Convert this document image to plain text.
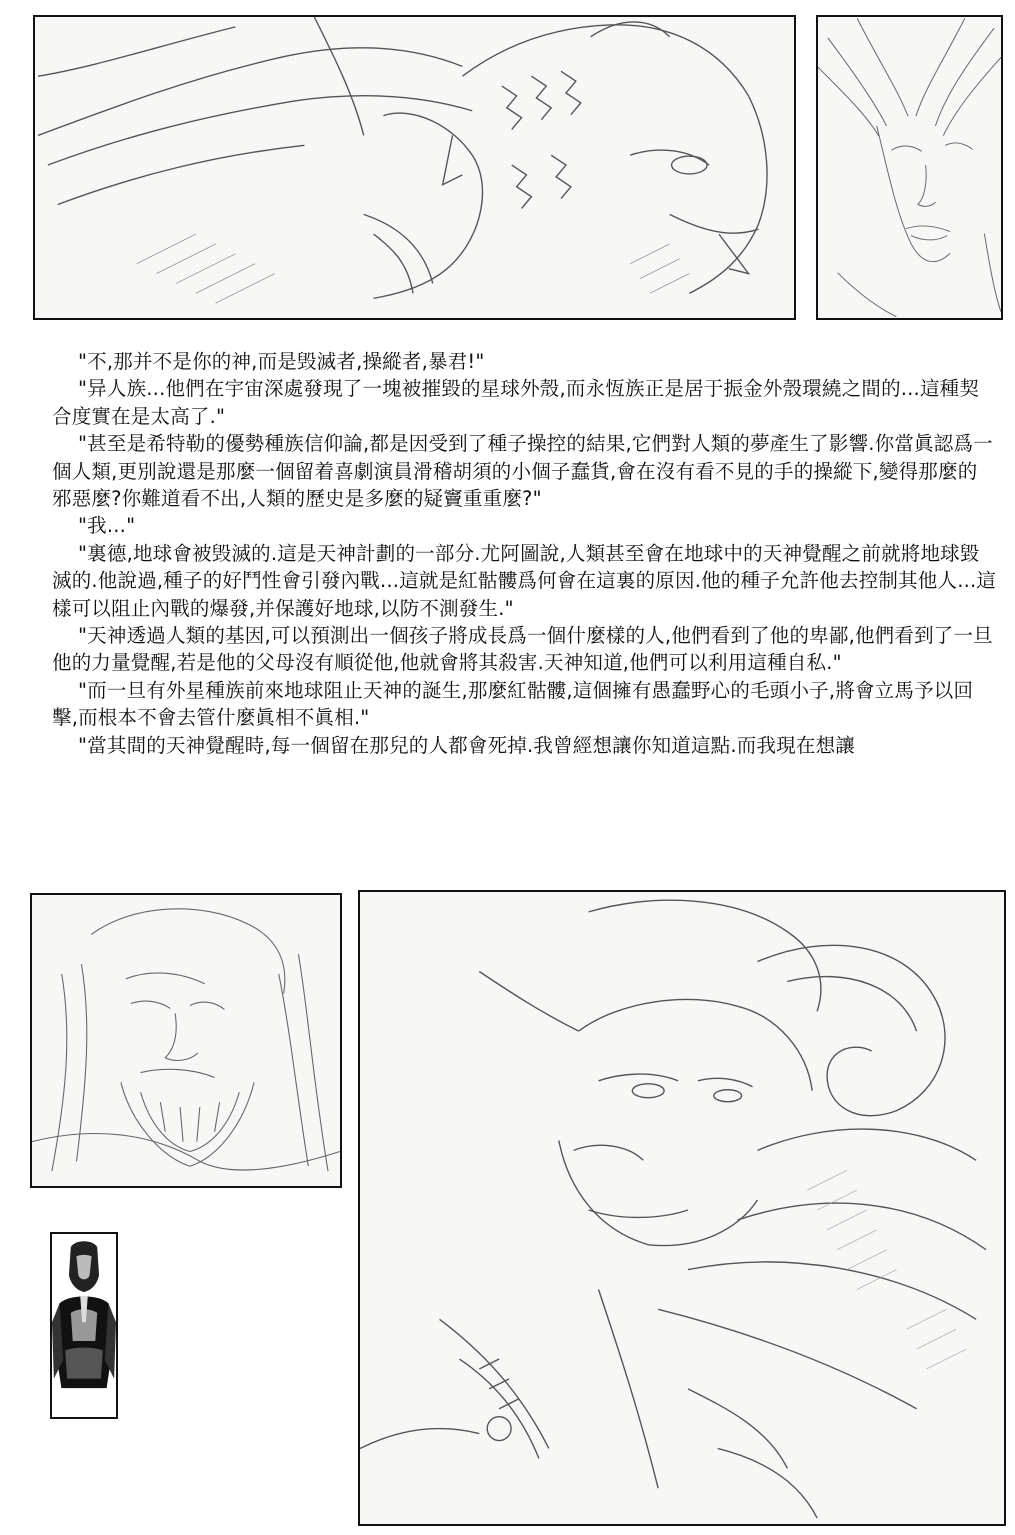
"不,那并不是你的神,而是毁滅者,操縱者,暴君!"

"异人族...他們在宇宙深處發現了一塊被摧毀的星球外殼,而永恆族正是居于振金外殼環繞之間的...這種契合度實在是太高了."

"甚至是希特勒的優勢種族信仰論,都是因受到了種子操控的結果,它們對人類的夢產生了影響.你當眞認爲一個人類,更別說還是那麼一個留着喜劇演員滑稽胡須的小個子蠢貨,會在沒有看不見的手的操縱下,變得那麼的邪惡麼?你難道看不出,人類的歷史是多麼的疑竇重重麼?"

"我..."

"裏德,地球會被毁滅的.這是天神計劃的一部分.尤阿圖說,人類甚至會在地球中的天神覺醒之前就將地球毀滅的.他說過,種子的好鬥性會引發內戰...這就是紅骷髏爲何會在這裏的原因.他的種子允許他去控制其他人...這樣可以阻止內戰的爆發,并保護好地球,以防不測發生."

"天神透過人類的基因,可以預測出一個孩子將成長爲一個什麼樣的人,他們看到了他的卑鄙,他們看到了一旦他的力量覺醒,若是他的父母沒有順從他,他就會將其殺害.天神知道,他們可以利用這種自私."

"而一旦有外星種族前來地球阻止天神的誕生,那麼紅骷髏,這個擁有愚蠢野心的毛頭小子,將會立馬予以回擊,而根本不會去管什麼眞相不眞相."

"當其間的天神覺醒時,每一個留在那兒的人都會死掉.我曾經想讓你知道這點.而我現在想讓
